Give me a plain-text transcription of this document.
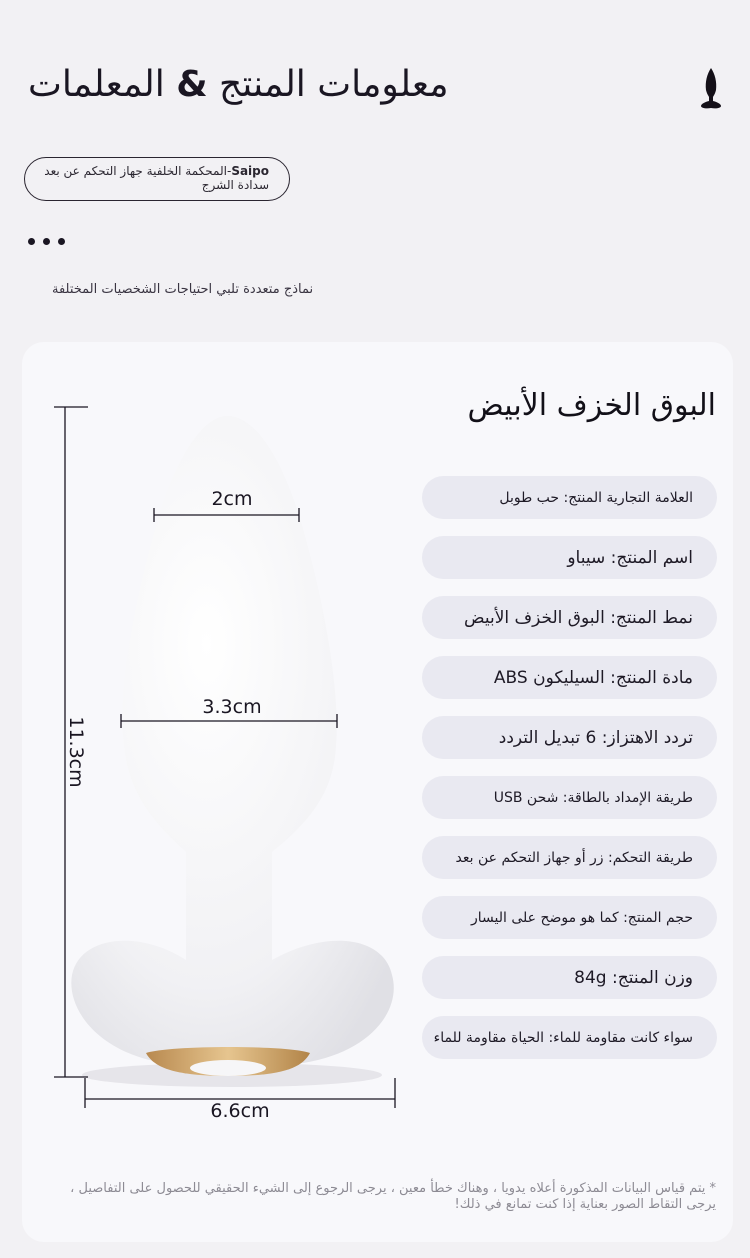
معلومات المنتج & المعلمات
Saipo-المحكمة الخلفية جهاز التحكم عن بعد سدادة الشرج
نماذج متعددة تلبي احتياجات الشخصيات المختلفة
2cm
3.3cm
6.6cm
11.3cm
البوق الخزف الأبيض
العلامة التجارية المنتج: حب طوبل
اسم المنتج: سيباو
نمط المنتج: البوق الخزف الأبيض
مادة المنتج: السيليكون ABS
تردد الاهتزاز: 6 تبديل التردد
طريقة الإمداد بالطاقة: شحن USB
طريقة التحكم: زر أو جهاز التحكم عن بعد
حجم المنتج: كما هو موضح على اليسار
وزن المنتج: 84g
سواء كانت مقاومة للماء: الحياة مقاومة للماء
* يتم قياس البيانات المذكورة أعلاه يدويا ، وهناك خطأ معين ، يرجى الرجوع إلى الشيء الحقيقي للحصول على التفاصيل ، يرجى التقاط الصور بعناية إذا كنت تمانع في ذلك!
